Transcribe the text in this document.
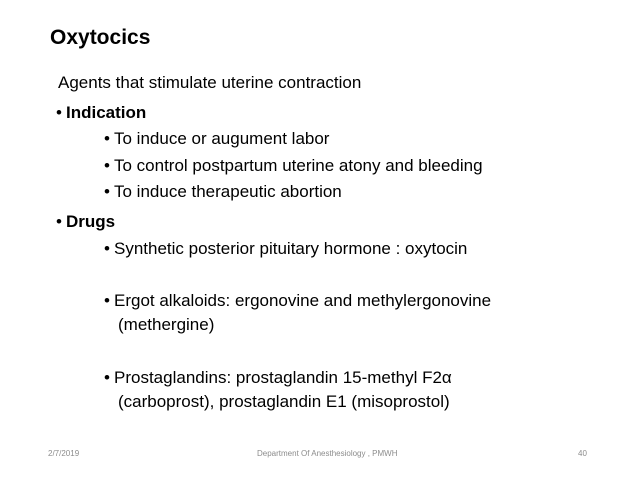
Oxytocics
Agents that stimulate uterine contraction
• Indication
• To induce or augument labor
• To control postpartum uterine atony and bleeding
• To induce therapeutic abortion
• Drugs
• Synthetic posterior pituitary hormone : oxytocin
• Ergot alkaloids: ergonovine and methylergonovine
(methergine)
• Prostaglandins: prostaglandin 15-methyl F2α
(carboprost), prostaglandin E1 (misoprostol)
2/7/2019	Department Of Anesthesiology , PMWH	40
